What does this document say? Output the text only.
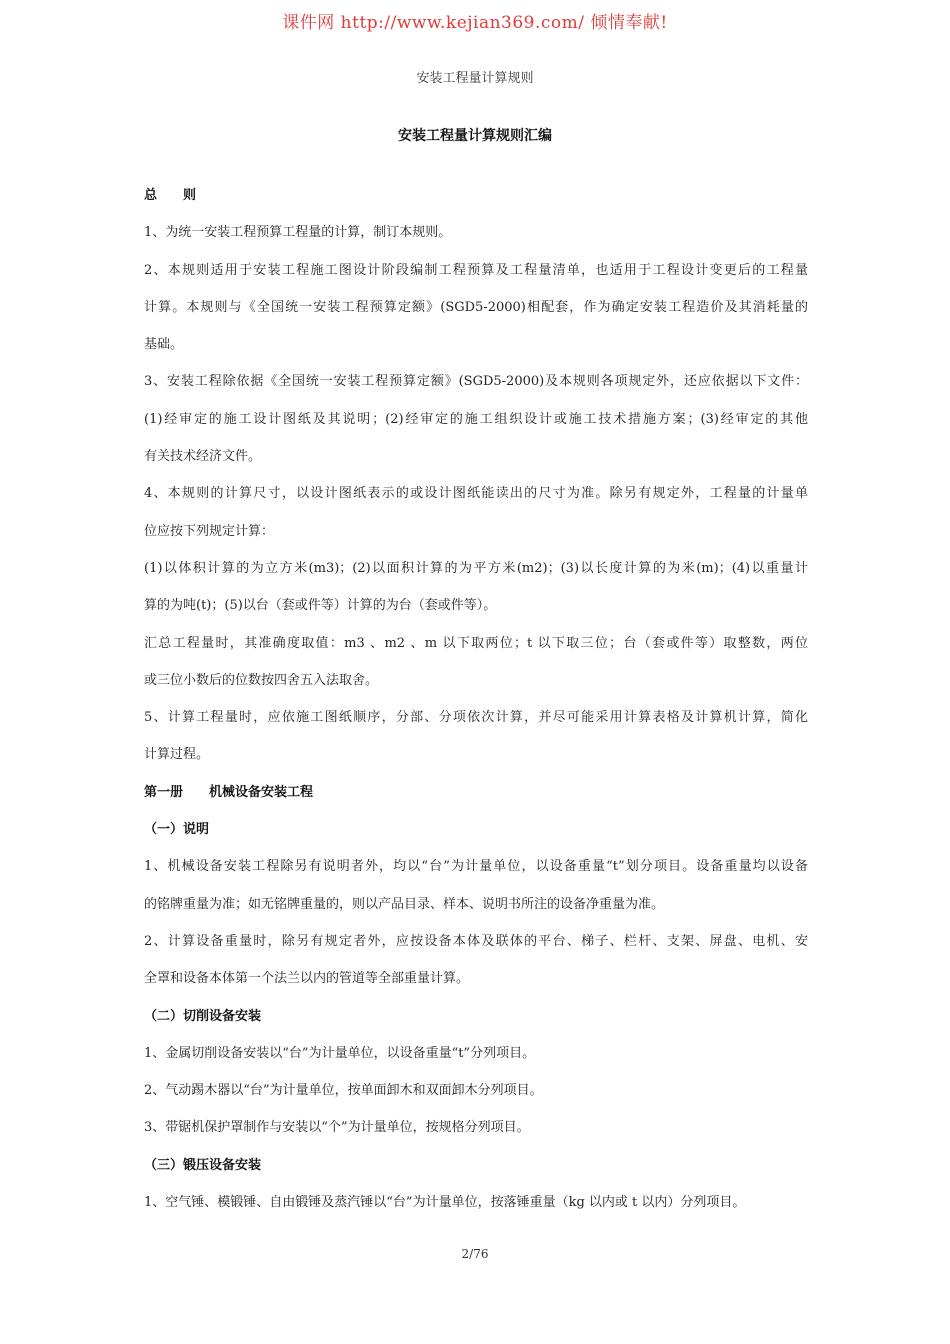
课件网 http://www.kejian369.com/ 倾情奉献!
安装工程量计算规则
安装工程量计算规则汇编
总　　则
1、为统一安装工程预算工程量的计算，制订本规则。
2、本规则适用于安装工程施工图设计阶段编制工程预算及工程量清单，也适用于工程设计变更后的工程量
计算。本规则与《全国统一安装工程预算定额》(SGD5-2000)相配套，作为确定安装工程造价及其消耗量的
基础。
3、安装工程除依据《全国统一安装工程预算定额》(SGD5-2000)及本规则各项规定外，还应依据以下文件：
(1)经审定的施工设计图纸及其说明；(2)经审定的施工组织设计或施工技术措施方案；(3)经审定的其他
有关技术经济文件。
4、本规则的计算尺寸，以设计图纸表示的或设计图纸能读出的尺寸为准。除另有规定外，工程量的计量单
位应按下列规定计算：
(1)以体积计算的为立方米(m3)；(2)以面积计算的为平方米(m2)；(3)以长度计算的为米(m)；(4)以重量计
算的为吨(t)；(5)以台（套或件等）计算的为台（套或件等）。
汇总工程量时，其准确度取值：m3 、m2 、m 以下取两位；t 以下取三位；台（套或件等）取整数，两位
或三位小数后的位数按四舍五入法取舍。
5、计算工程量时，应依施工图纸顺序，分部、分项依次计算，并尽可能采用计算表格及计算机计算，简化
计算过程。
第一册　　机械设备安装工程
（一）说明
1、机械设备安装工程除另有说明者外，均以“台”为计量单位，以设备重量“t”划分项目。设备重量均以设备
的铭牌重量为准；如无铭牌重量的，则以产品目录、样本、说明书所注的设备净重量为准。
2、计算设备重量时，除另有规定者外，应按设备本体及联体的平台、梯子、栏杆、支架、屏盘、电机、安
全罩和设备本体第一个法兰以内的管道等全部重量计算。
（二）切削设备安装
1、金属切削设备安装以“台”为计量单位，以设备重量“t”分列项目。
2、气动踢木器以“台”为计量单位，按单面卸木和双面卸木分列项目。
3、带锯机保护罩制作与安装以“个”为计量单位，按规格分列项目。
（三）锻压设备安装
1、空气锤、模锻锤、自由锻锤及蒸汽锤以“台”为计量单位，按落锤重量（kg 以内或 t 以内）分列项目。
2/76
